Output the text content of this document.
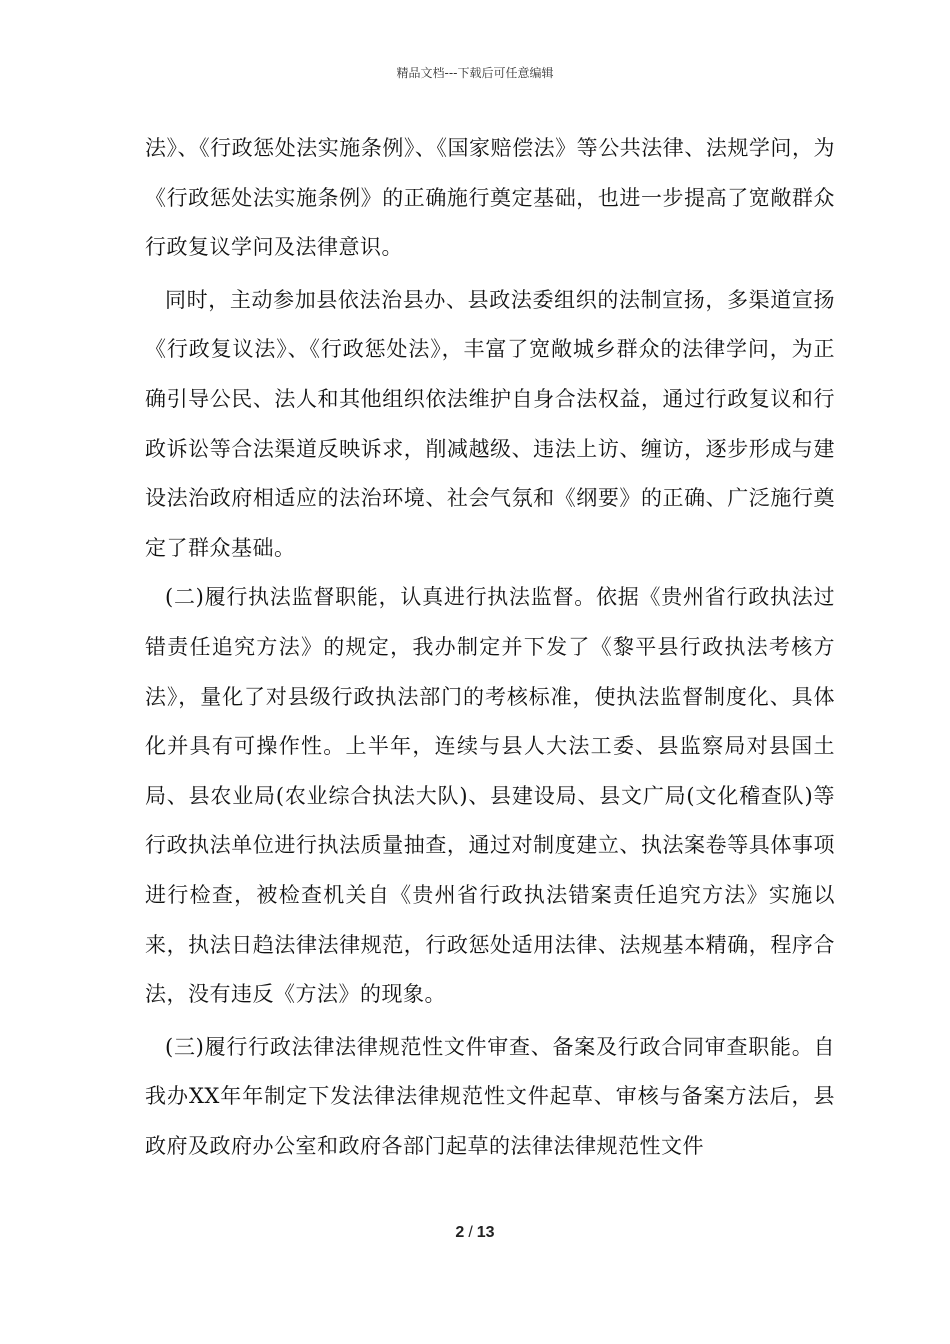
精品文档---下载后可任意编辑

法》、《行政惩处法实施条例》、《国家赔偿法》等公共法律、法规学问，为《行政惩处法实施条例》的正确施行奠定基础，也进一步提高了宽敞群众行政复议学问及法律意识。

同时，主动参加县依法治县办、县政法委组织的法制宣扬，多渠道宣扬《行政复议法》、《行政惩处法》，丰富了宽敞城乡群众的法律学问，为正确引导公民、法人和其他组织依法维护自身合法权益，通过行政复议和行政诉讼等合法渠道反映诉求，削减越级、违法上访、缠访，逐步形成与建设法治政府相适应的法治环境、社会气氛和《纲要》的正确、广泛施行奠定了群众基础。

(二)履行执法监督职能，认真进行执法监督。依据《贵州省行政执法过错责任追究方法》的规定，我办制定并下发了《黎平县行政执法考核方法》，量化了对县级行政执法部门的考核标准，使执法监督制度化、具体化并具有可操作性。上半年，连续与县人大法工委、县监察局对县国土局、县农业局(农业综合执法大队)、县建设局、县文广局(文化稽查队)等行政执法单位进行执法质量抽查，通过对制度建立、执法案卷等具体事项进行检查，被检查机关自《贵州省行政执法错案责任追究方法》实施以来，执法日趋法律法律规范，行政惩处适用法律、法规基本精确，程序合法，没有违反《方法》的现象。

(三)履行行政法律法律规范性文件审查、备案及行政合同审查职能。自我办XX年年制定下发法律法律规范性文件起草、审核与备案方法后，县政府及政府办公室和政府各部门起草的法律法律规范性文件

2 / 13
